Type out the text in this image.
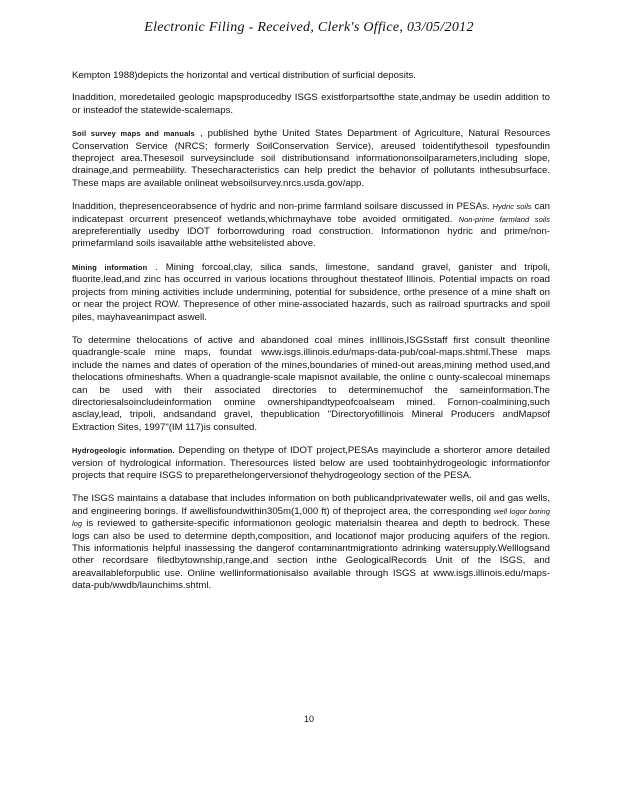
Electronic Filing - Received, Clerk's Office, 03/05/2012

Kempton 1988)depicts the horizontal and vertical distribution of surficial deposits.

Inaddition, moredetailed geologic mapsproducedby ISGS existforpartsofthe state,andmay be usedin addition to or insteadof the statewide-scalemaps.

Soil survey maps and manuals , published bythe United States Department of Agriculture, Natural Resources Conservation Service (NRCS; formerly SoilConservation Service), areused toidentifythesoil typesfoundin theproject area.Thesesoil surveysinclude soil distributionsand informationonsoilparameters,including slope, drainage,and permeability. Thesecharacteristics can help predict the behavior of pollutants inthesubsurface. These maps are available onlineat websoilsurvey.nrcs.usda.gov/app.

Inaddition, thepresenceorabsence of hydric and non-prime farmland soilsare discussed in PESAs. Hydric soils can indicatepast orcurrent presenceof wetlands,whichmayhave tobe avoided ormitigated. Non-prime farmland soils arepreferentially usedby IDOT forborrowduring road construction. Informationon hydric and prime/non-primefarmland soils isavailable atthe websitelisted above.

Mining information . Mining forcoal,clay, silica sands, limestone, sandand gravel, ganister and tripoli, fluorite,lead,and zinc has occurred in various locations throughout thestateof Illinois. Potential impacts on road projects from mining activities include undermining, potential for subsidence, orthe presence of a mine shaft on or near the project ROW. Thepresence of other mine-associated hazards, such as railroad spurtracks and spoil piles, mayhaveanimpact aswell.

To determine thelocations of active and abandoned coal mines inIllinois,ISGSstaff first consult theonline quadrangle-scale mine maps, foundat www.isgs.illinois.edu/maps-data-pub/coal-maps.shtml.These maps include the names and dates of operation of the mines,boundaries of mined-out areas,mining method used,and thelocations ofmineshafts. When a quadrangle-scale mapisnot available, the online c ounty-scalecoal minemaps can be used with their associated directories to determinemuchof the sameinformation.The directoriesalsoincludeinformation onmine ownershipandtypeofcoalseam mined. Fornon-coalmining,such asclay,lead, tripoli, andsandand gravel, thepublication "Directoryofillinois Mineral Producers andMapsof Extraction Sites, 1997"(IM 117)is consulted.

Hydrogeologic information. Depending on thetype of IDOT project,PESAs mayinclude a shorteror amore detailed version of hydrological information. Theresources listed below are used toobtainhydrogeologic informationfor projects that require ISGS to preparethelongerversionof thehydrogeology section of the PESA.

The ISGS maintains a database that includes information on both publicandprivatewater wells, oil and gas wells, and engineering borings. If awellisfoundwithin305m(1,000 ft) of theproject area, the corresponding well logor boring log is reviewed to gathersite-specific informationon geologic materialsin thearea and depth to bedrock. These logs can also be used to determine depth,composition, and locationof major producing aquifers of the region. This informationis helpful inassessing the dangerof contaminantmigrationto adrinking watersupply.Welllogsand other recordsare filedbytownship,range,and section inthe GeologicalRecords Unit of the ISGS, and areavailableforpublic use. Online wellinformationisalso available through ISGS at www.isgs.illinois.edu/maps-data-pub/wwdb/launchims.shtml.

10
